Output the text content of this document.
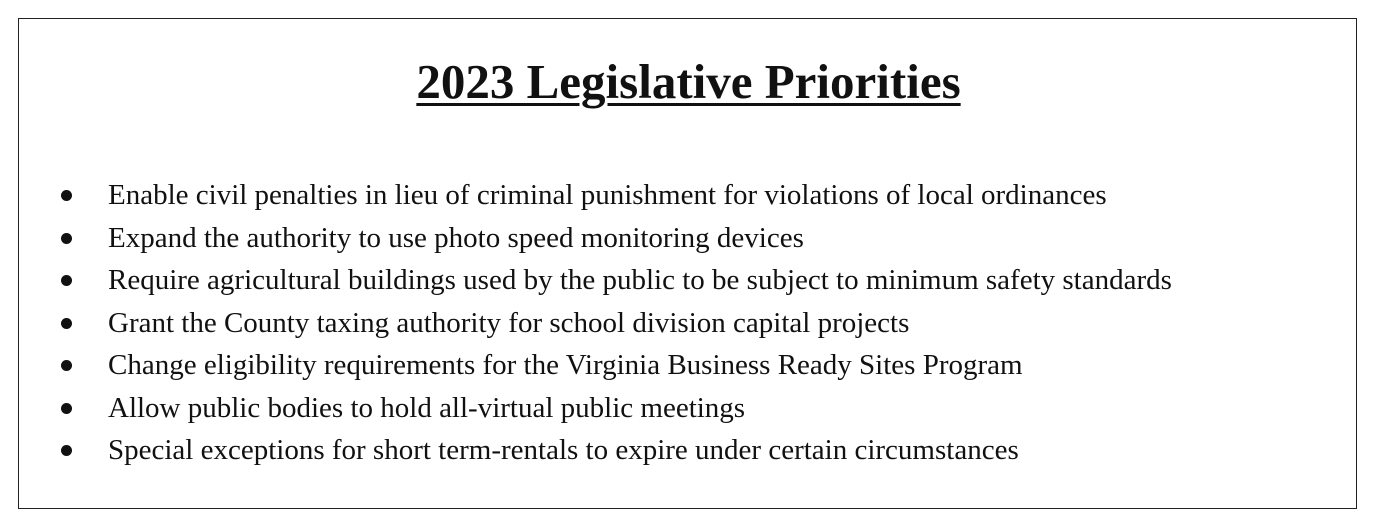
2023 Legislative Priorities
Enable civil penalties in lieu of criminal punishment for violations of local ordinances
Expand the authority to use photo speed monitoring devices
Require agricultural buildings used by the public to be subject to minimum safety standards
Grant the County taxing authority for school division capital projects
Change eligibility requirements for the Virginia Business Ready Sites Program
Allow public bodies to hold all-virtual public meetings
Special exceptions for short term-rentals to expire under certain circumstances
